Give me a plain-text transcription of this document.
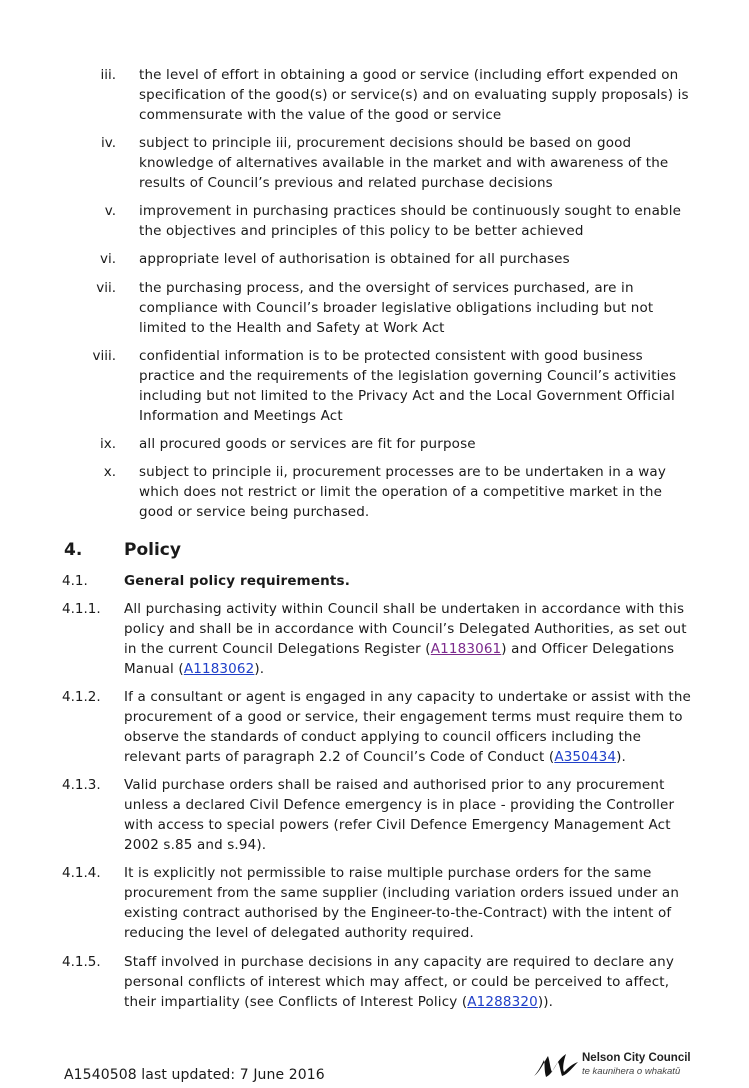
iii. the level of effort in obtaining a good or service (including effort expended on specification of the good(s) or service(s) and on evaluating supply proposals) is commensurate with the value of the good or service
iv. subject to principle iii, procurement decisions should be based on good knowledge of alternatives available in the market and with awareness of the results of Council’s previous and related purchase decisions
v. improvement in purchasing practices should be continuously sought to enable the objectives and principles of this policy to be better achieved
vi. appropriate level of authorisation is obtained for all purchases
vii. the purchasing process, and the oversight of services purchased, are in compliance with Council’s broader legislative obligations including but not limited to the Health and Safety at Work Act
viii. confidential information is to be protected consistent with good business practice and the requirements of the legislation governing Council’s activities including but not limited to the Privacy Act and the Local Government Official Information and Meetings Act
ix. all procured goods or services are fit for purpose
x. subject to principle ii, procurement processes are to be undertaken in a way which does not restrict or limit the operation of a competitive market in the good or service being purchased.
4. Policy
4.1.	General policy requirements.
4.1.1. All purchasing activity within Council shall be undertaken in accordance with this policy and shall be in accordance with Council’s Delegated Authorities, as set out in the current Council Delegations Register (A1183061) and Officer Delegations Manual (A1183062).
4.1.2. If a consultant or agent is engaged in any capacity to undertake or assist with the procurement of a good or service, their engagement terms must require them to observe the standards of conduct applying to council officers including the relevant parts of paragraph 2.2 of Council’s Code of Conduct (A350434).
4.1.3. Valid purchase orders shall be raised and authorised prior to any procurement unless a declared Civil Defence emergency is in place - providing the Controller with access to special powers (refer Civil Defence Emergency Management Act 2002 s.85 and s.94).
4.1.4. It is explicitly not permissible to raise multiple purchase orders for the same procurement from the same supplier (including variation orders issued under an existing contract authorised by the Engineer-to-the-Contract) with the intent of reducing the level of delegated authority required.
4.1.5. Staff involved in purchase decisions in any capacity are required to declare any personal conflicts of interest which may affect, or could be perceived to affect, their impartiality (see Conflicts of Interest Policy (A1288320)).
A1540508 last updated: 7 June 2016
Nelson City Council
te kaunihera o whakatū
